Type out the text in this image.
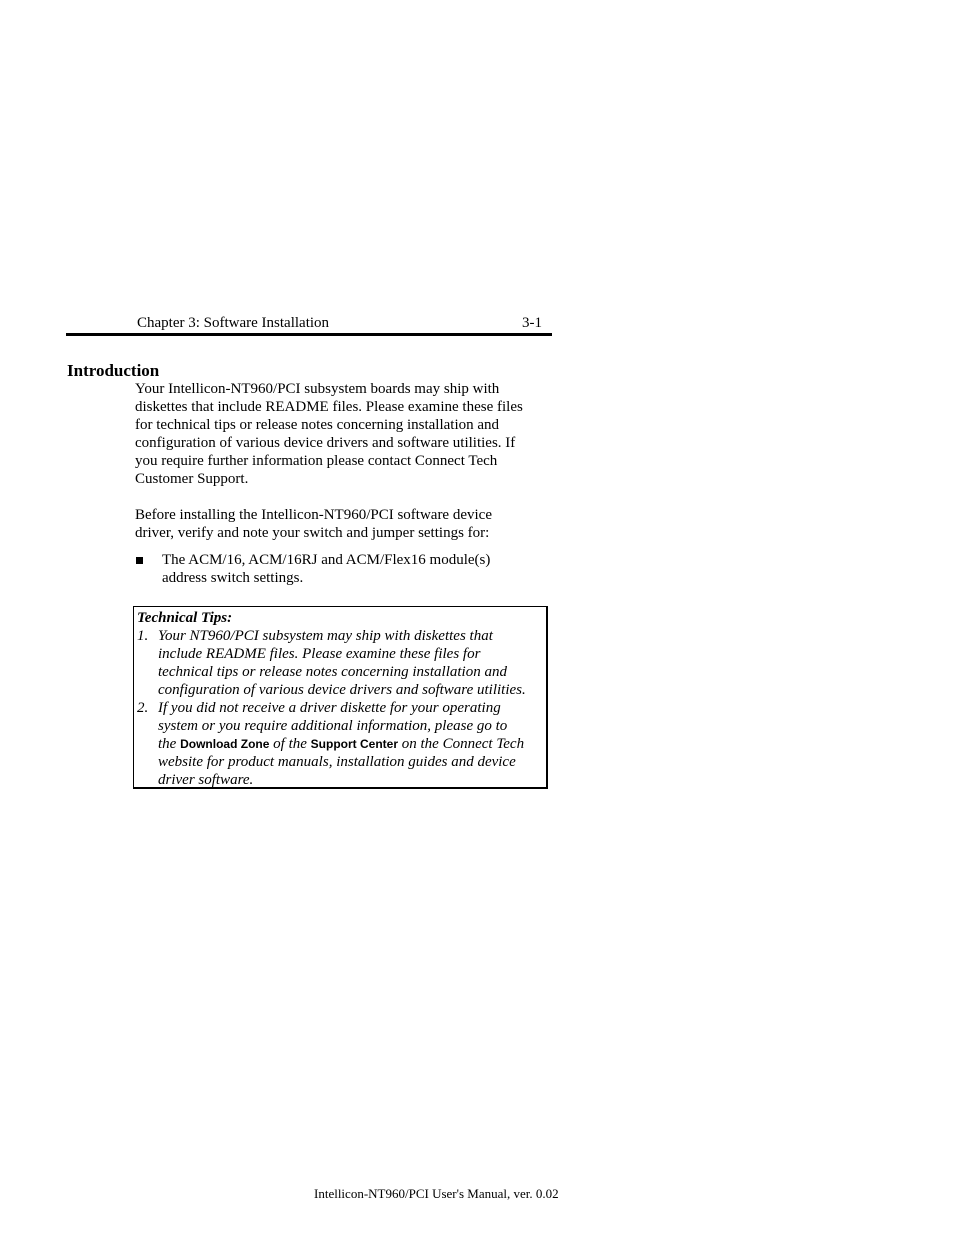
Chapter 3: Software Installation	3-1
Introduction

Your Intellicon-NT960/PCI subsystem boards may ship with

diskettes that include README files. Please examine these files

for technical tips or release notes concerning installation and

configuration of various device drivers and software utilities. If

you require further information please contact Connect Tech

Customer Support.

Before installing the Intellicon-NT960/PCI software device

driver, verify and note your switch and jumper settings for:

The ACM/16, ACM/16RJ and ACM/Flex16 module(s)

address switch settings.

Technical Tips:
1. Your NT960/PCI subsystem may ship with diskettes that
include README files. Please examine these files for
technical tips or release notes concerning installation and
configuration of various device drivers and software utilities.
2. If you did not receive a driver diskette for your operating
system or you require additional information, please go to
the Download Zone of the Support Center on the Connect Tech
website for product manuals, installation guides and device
driver software.
Intellicon-NT960/PCI User's Manual, ver. 0.02
